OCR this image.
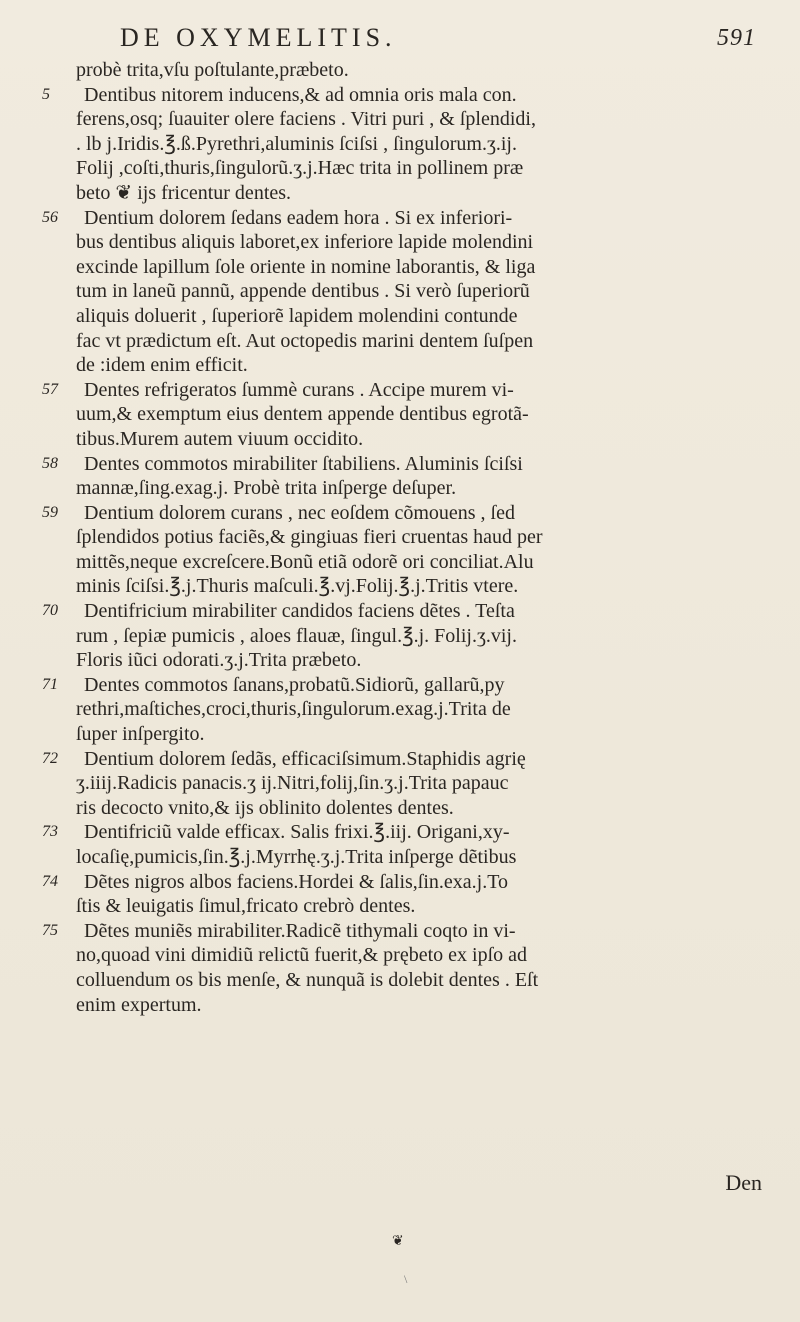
DE OXYMELITIS.	591
probè trita,vſu poſtulante,præbeto.
5	Dentibus nitorem inducens,& ad omnia oris mala con.
ferens,osq; ſuauiter olere faciens . Vitri puri , & ſplendidi,
. lb j.Iridis.℥.ß.Pyrethri,aluminis ſciſsi , ſingulorum.ʒ.ij.
Folij ,coſti,thuris,ſingulorũ.ʒ.j.Hæc trita in pollinem præ
beto ❦ ijs fricentur dentes.
56	Dentium dolorem ſedans eadem hora . Si ex inferiori-
bus dentibus aliquis laboret,ex inferiore lapide molendini
excinde lapillum ſole oriente in nomine laborantis, & liga
tum in laneũ pannũ, appende dentibus . Si verò ſuperiorũ
aliquis doluerit , ſuperiorẽ lapidem molendini contunde
fac vt prædictum eſt. Aut octopedis marini dentem ſuſpen
de :idem enim efficit.
57	Dentes refrigeratos ſummè curans . Accipe murem vi-
uum,& exemptum eius dentem appende dentibus egrotã-
tibus.Murem autem viuum occidito.
58	Dentes commotos mirabiliter ſtabiliens. Aluminis ſciſsi
mannæ,ſing.exag.j. Probè trita inſperge deſuper.
59	Dentium dolorem curans , nec eoſdem cõmouens , ſed
ſplendidos potius faciẽs,& gingiuas fieri cruentas haud per
mittẽs,neque excreſcere.Bonũ etiã odorẽ ori conciliat.Alu
minis ſciſsi.℥.j.Thuris maſculi.℥.vj.Folij.℥.j.Tritis vtere.
70	Dentifricium mirabiliter candidos faciens dẽtes . Teſta
rum , ſepiæ pumicis , aloes flauæ, ſingul.℥.j. Folij.ʒ.vij.
Floris iũci odorati.ʒ.j.Trita præbeto.
71	Dentes commotos ſanans,probatũ.Sidiorũ, gallarũ,py
rethri,maſtiches,croci,thuris,ſingulorum.exag.j.Trita de
ſuper inſpergito.
72	Dentium dolorem ſedãs, efficaciſsimum.Staphidis agrię
ʒ.iiij.Radicis panacis.ʒ ij.Nitri,folij,ſin.ʒ.j.Trita papauc
ris decocto vnito,& ijs oblinito dolentes dentes.
73	Dentifriciũ valde efficax. Salis frixi.℥.iij. Origani,xy-
locaſię,pumicis,ſin.℥.j.Myrrhę.ʒ.j.Trita inſperge dẽtibus
74	Dẽtes nigros albos faciens.Hordei & ſalis,ſin.exa.j.To
ſtis & leuigatis ſimul,fricato crebrò dentes.
75	Dẽtes muniẽs mirabiliter.Radicẽ tithymali coqto in vi-
no,quoad vini dimidiũ relictũ fuerit,& prębeto ex ipſo ad
colluendum os bis menſe, & nunquã is dolebit dentes . Eſt
enim expertum.
Den
❦
\
